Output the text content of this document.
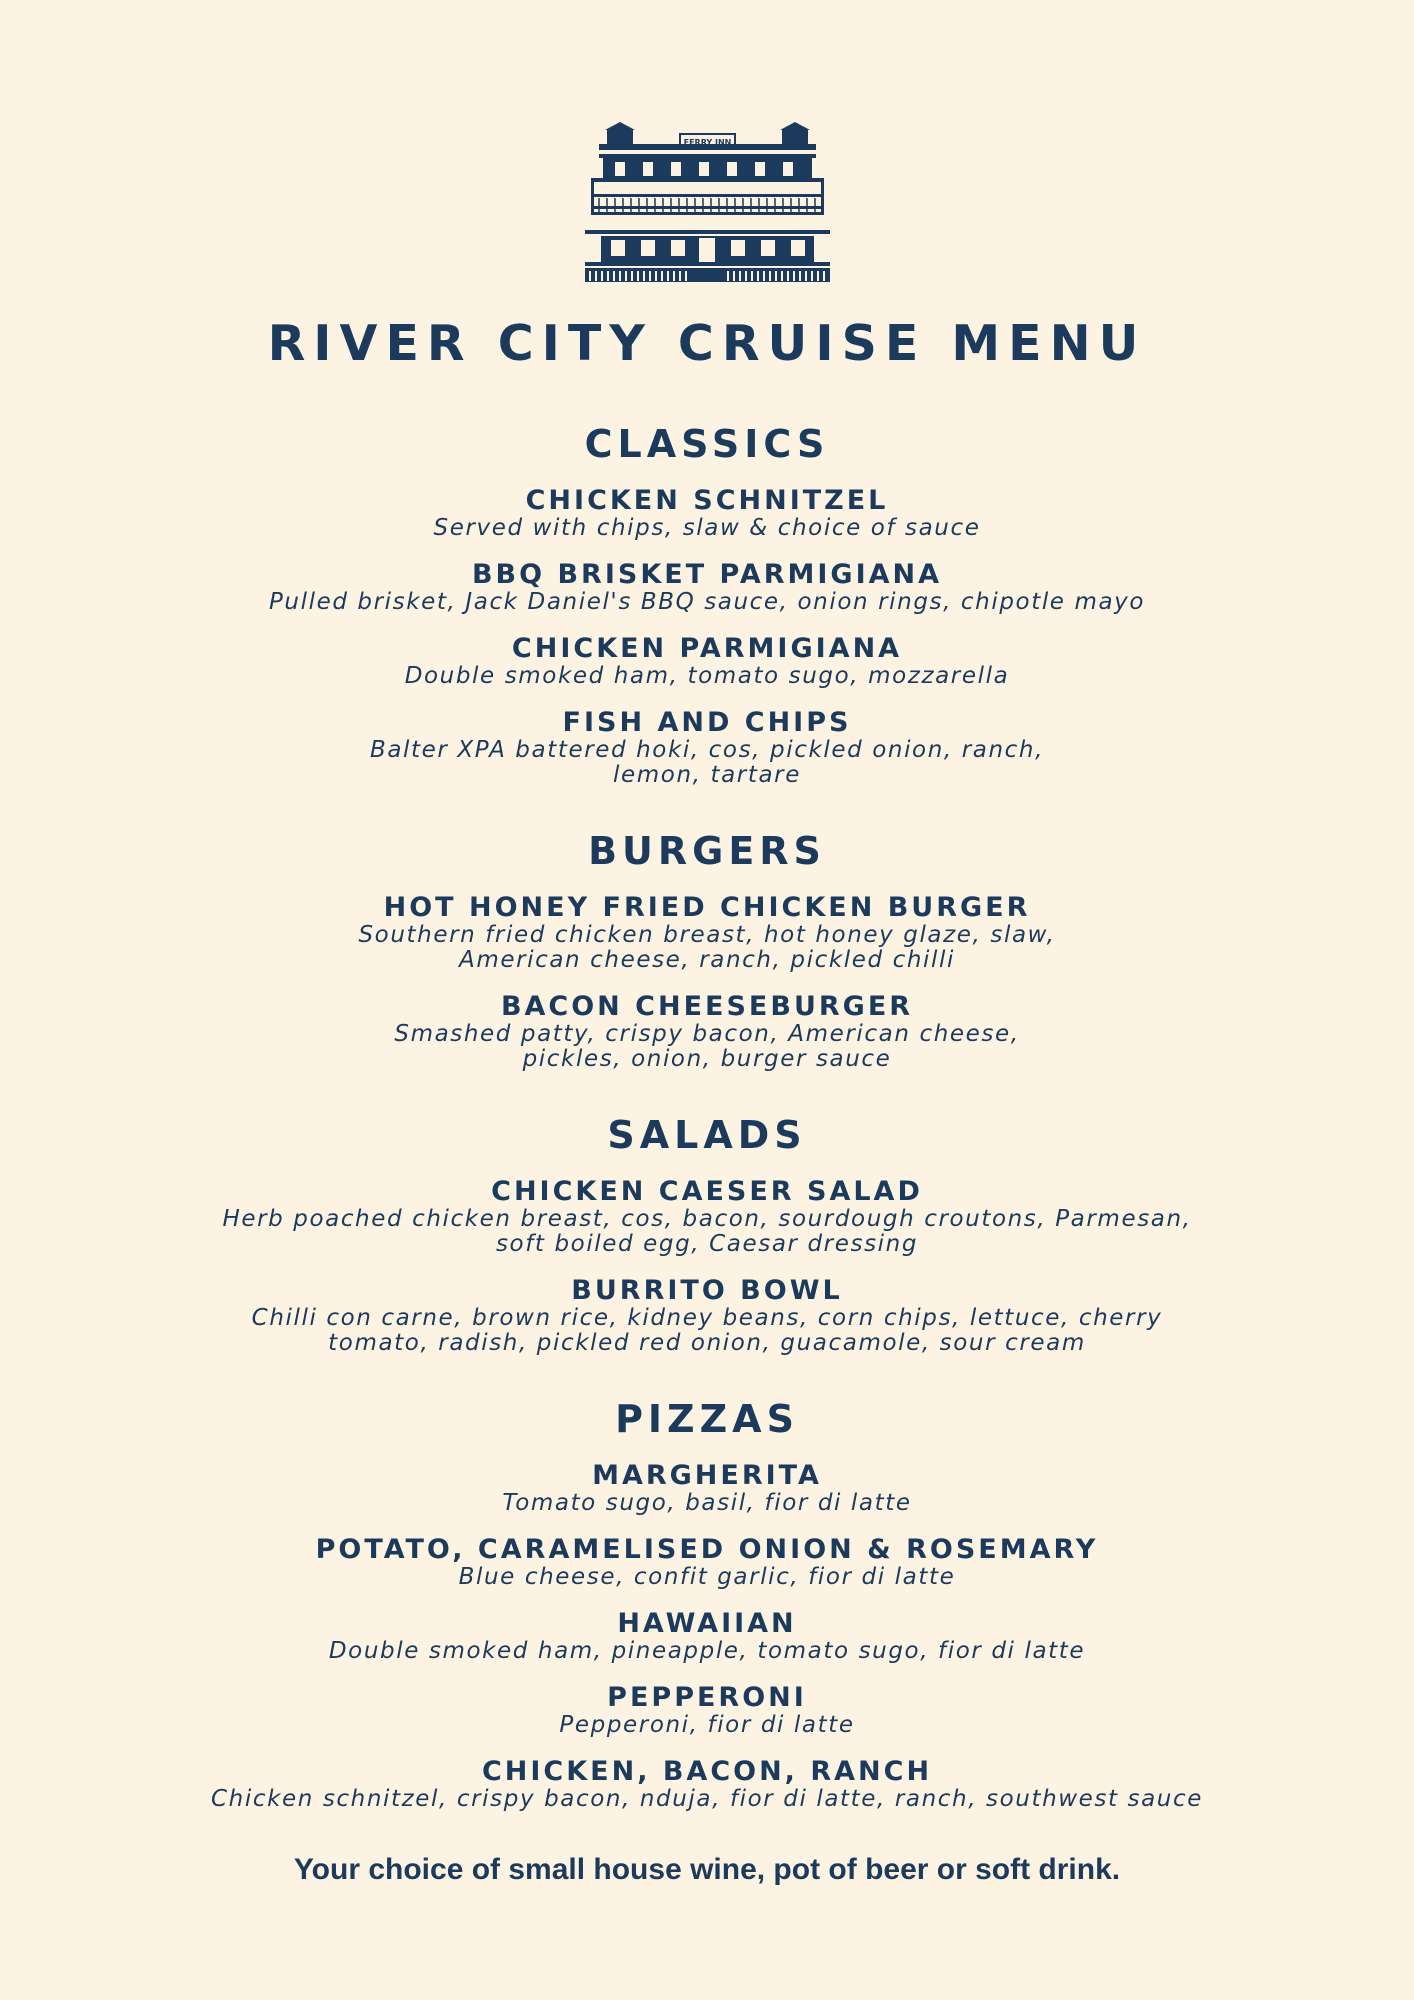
FERRY INN
RIVER CITY CRUISE MENU
CLASSICS
CHICKEN SCHNITZEL
Served with chips, slaw & choice of sauce
BBQ BRISKET PARMIGIANA
Pulled brisket, Jack Daniel's BBQ sauce, onion rings, chipotle mayo
CHICKEN PARMIGIANA
Double smoked ham, tomato sugo, mozzarella
FISH AND CHIPS
Balter XPA battered hoki, cos, pickled onion, ranch,
lemon, tartare
BURGERS
HOT HONEY FRIED CHICKEN BURGER
Southern fried chicken breast, hot honey glaze, slaw,
American cheese, ranch, pickled chilli
BACON CHEESEBURGER
Smashed patty, crispy bacon, American cheese,
pickles, onion, burger sauce
SALADS
CHICKEN CAESER SALAD
Herb poached chicken breast, cos, bacon, sourdough croutons, Parmesan,
soft boiled egg, Caesar dressing
BURRITO BOWL
Chilli con carne, brown rice, kidney beans, corn chips, lettuce, cherry
tomato, radish, pickled red onion, guacamole, sour cream
PIZZAS
MARGHERITA
Tomato sugo, basil, fior di latte
POTATO, CARAMELISED ONION & ROSEMARY
Blue cheese, confit garlic, fior di latte
HAWAIIAN
Double smoked ham, pineapple, tomato sugo, fior di latte
PEPPERONI
Pepperoni, fior di latte
CHICKEN, BACON, RANCH
Chicken schnitzel, crispy bacon, nduja, fior di latte, ranch, southwest sauce
Your choice of small house wine, pot of beer or soft drink.
